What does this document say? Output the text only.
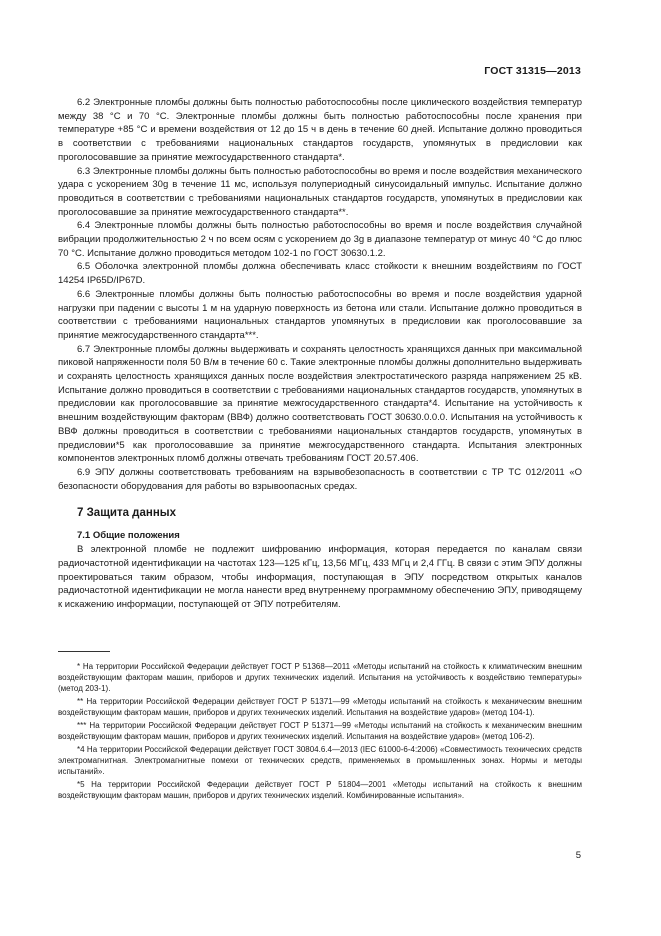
ГОСТ 31315—2013

6.2 Электронные пломбы должны быть полностью работоспособны после циклического воздействия температур между 38 °С и 70 °С. Электронные пломбы должны быть полностью работоспособны после хранения при температуре +85 °С и времени воздействия от 12 до 15 ч в день в течение 60 дней. Испытание должно проводиться в соответствии с требованиями национальных стандартов государств, упомянутых в предисловии как проголосовавшие за принятие межгосударственного стандарта*.

6.3 Электронные пломбы должны быть полностью работоспособны во время и после воздействия механического удара с ускорением 30g в течение 11 мс, используя полупериодный синусоидальный импульс. Испытание должно проводиться в соответствии с требованиями национальных стандартов государств, упомянутых в предисловии как проголосовавшие за принятие межгосударственного стандарта**.

6.4 Электронные пломбы должны быть полностью работоспособны во время и после воздействия случайной вибрации продолжительностью 2 ч по всем осям с ускорением до 3g в диапазоне температур от минус 40 °С до плюс 70 °С. Испытание должно проводиться методом 102-1 по ГОСТ 30630.1.2.

6.5 Оболочка электронной пломбы должна обеспечивать класс стойкости к внешним воздействиям по ГОСТ 14254 IP65D/IP67D.

6.6 Электронные пломбы должны быть полностью работоспособны во время и после воздействия ударной нагрузки при падении с высоты 1 м на ударную поверхность из бетона или стали. Испытание должно проводиться в соответствии с требованиями национальных стандартов упомянутых в предисловии как проголосовавшие за принятие межгосударственного стандарта***.

6.7 Электронные пломбы должны выдерживать и сохранять целостность хранящихся данных при максимальной пиковой напряженности поля 50 В/м в течение 60 с. Такие электронные пломбы должны дополнительно выдерживать и сохранять целостность хранящихся данных после воздействия электростатического разряда напряжением 25 кВ. Испытание должно проводиться в соответствии с требованиями национальных стандартов государств, упомянутых в предисловии как проголосовавшие за принятие межгосударственного стандарта*4. Испытание на устойчивость к внешним воздействующим факторам (ВВФ) должно соответствовать ГОСТ 30630.0.0.0. Испытания на устойчивость к ВВФ должны проводиться в соответствии с требованиями национальных стандартов государств, упомянутых в предисловии*5 как проголосовавшие за принятие межгосударственного стандарта. Испытания электронных компонентов электронных пломб должны отвечать требованиям ГОСТ 20.57.406.

6.9 ЭПУ должны соответствовать требованиям на взрывобезопасность в соответствии с ТР ТС 012/2011 «О безопасности оборудования для работы во взрывоопасных средах.

7 Защита данных
7.1 Общие положения

В электронной пломбе не подлежит шифрованию информация, которая передается по каналам связи радиочастотной идентификации на частотах 123—125 кГц, 13,56 МГц, 433 МГц и 2,4 ГГц. В связи с этим ЭПУ должны проектироваться таким образом, чтобы информация, поступающая в ЭПУ посредством открытых каналов радиочастотной идентификации не могла нанести вред внутреннему программному обеспечению ЭПУ, приводящему к искажению информации, поступающей от ЭПУ потребителям.

* На территории Российской Федерации действует ГОСТ Р 51368—2011 «Методы испытаний на стойкость к климатическим внешним воздействующим факторам машин, приборов и других технических изделий. Испытания на устойчивость к воздействию температуры» (метод 203-1).

** На территории Российской Федерации действует ГОСТ Р 51371—99 «Методы испытаний на стойкость к механическим внешним воздействующим факторам машин, приборов и других технических изделий. Испытания на воздействие ударов» (метод 104-1).

*** На территории Российской Федерации действует ГОСТ Р 51371—99 «Методы испытаний на стойкость к механическим внешним воздействующим факторам машин, приборов и других технических изделий. Испытания на воздействие ударов» (метод 106-2).

*4 На территории Российской Федерации действует ГОСТ 30804.6.4—2013 (IEC 61000-6-4:2006) «Совместимость технических средств электромагнитная. Электромагнитные помехи от технических средств, применяемых в промышленных зонах. Нормы и методы испытаний».

*5 На территории Российской Федерации действует ГОСТ Р 51804—2001 «Методы испытаний на стойкость к внешним воздействующим факторам машин, приборов и других технических изделий. Комбинированные испытания».

5
